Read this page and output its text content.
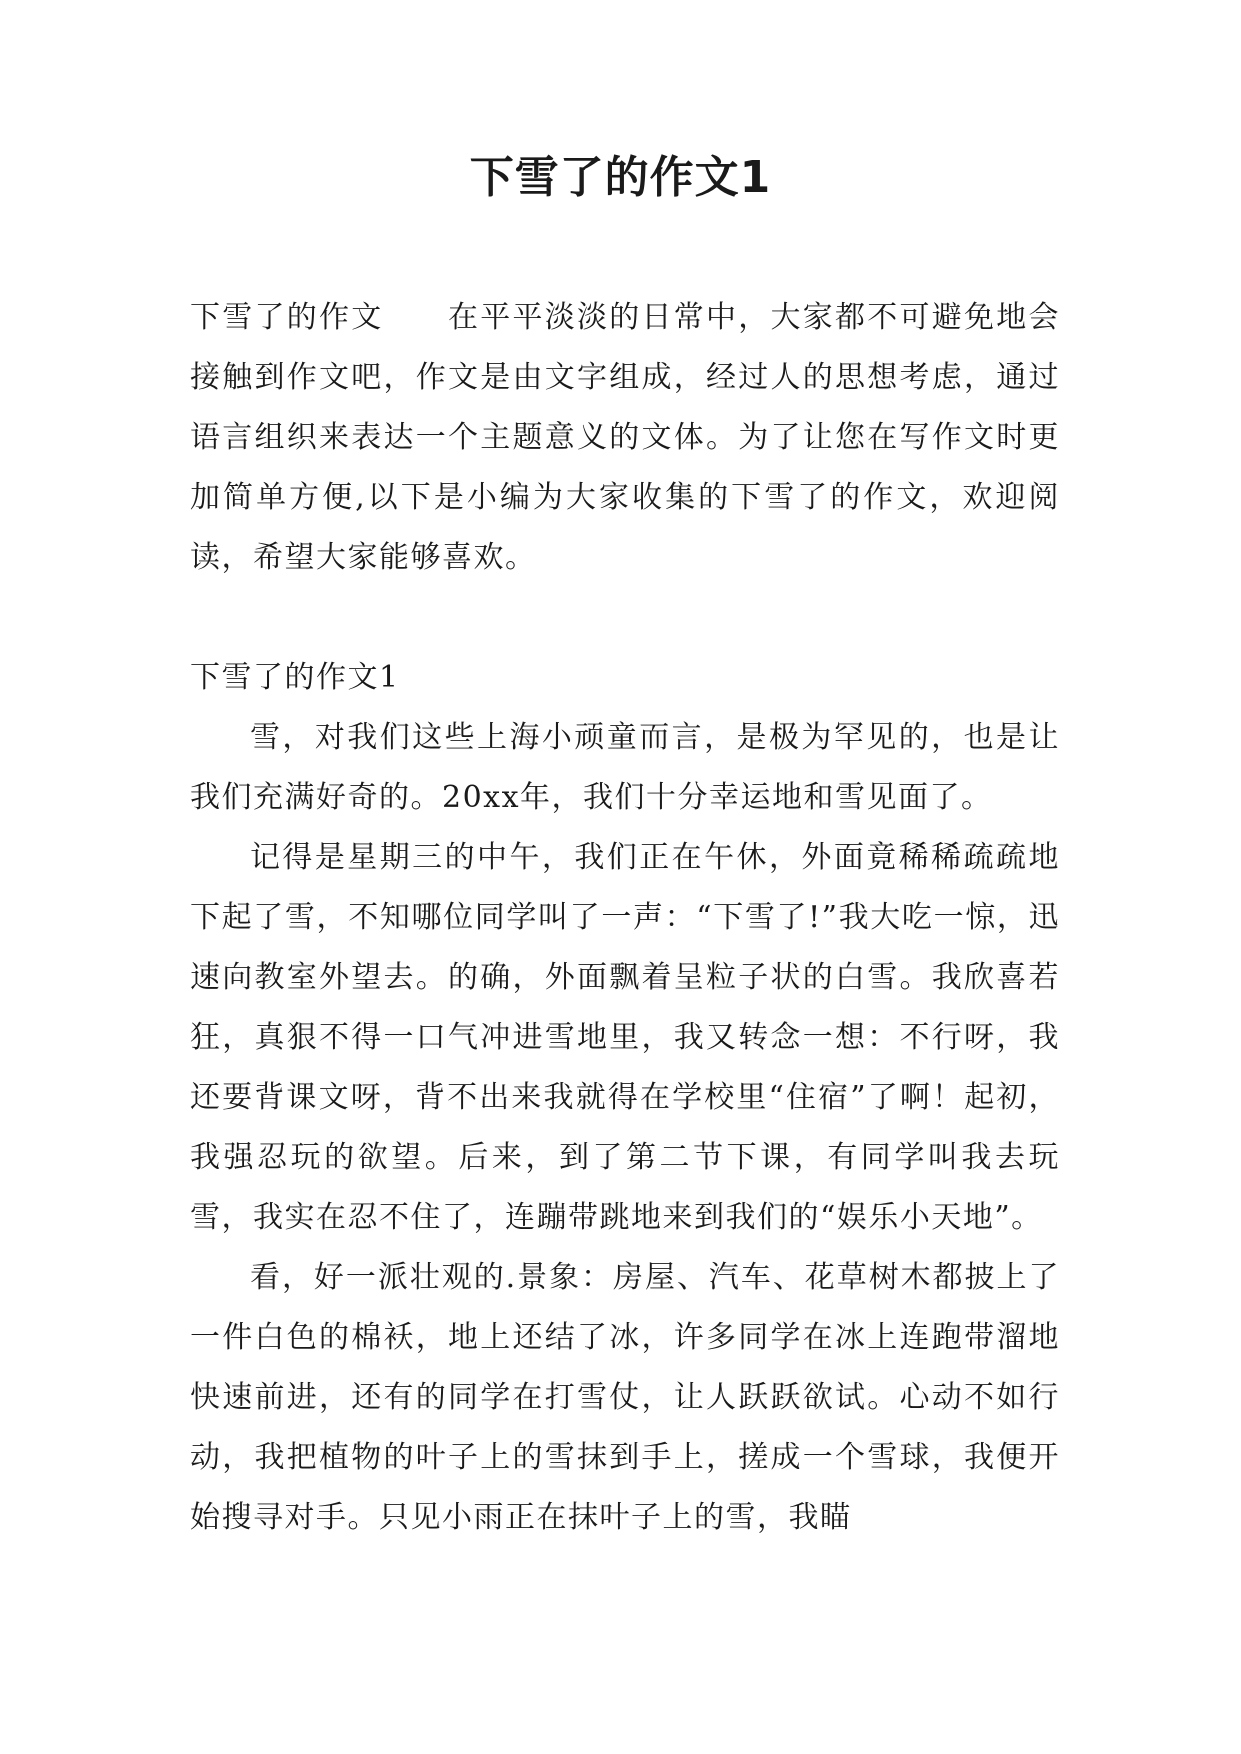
下雪了的作文1

下雪了的作文　　在平平淡淡的日常中，大家都不可避免地会接触到作文吧，作文是由文字组成，经过人的思想考虑，通过语言组织来表达一个主题意义的文体。为了让您在写作文时更加简单方便,以下是小编为大家收集的下雪了的作文，欢迎阅读，希望大家能够喜欢。

下雪了的作文1

雪，对我们这些上海小顽童而言，是极为罕见的，也是让我们充满好奇的。20xx年，我们十分幸运地和雪见面了。

记得是星期三的中午，我们正在午休，外面竟稀稀疏疏地下起了雪，不知哪位同学叫了一声：“下雪了!”我大吃一惊，迅速向教室外望去。的确，外面飘着呈粒子状的白雪。我欣喜若狂，真狠不得一口气冲进雪地里，我又转念一想：不行呀，我还要背课文呀，背不出来我就得在学校里“住宿”了啊！起初，我强忍玩的欲望。后来，到了第二节下课，有同学叫我去玩雪，我实在忍不住了，连蹦带跳地来到我们的“娱乐小天地”。

看，好一派壮观的.景象：房屋、汽车、花草树木都披上了一件白色的棉袄，地上还结了冰，许多同学在冰上连跑带溜地快速前进，还有的同学在打雪仗，让人跃跃欲试。心动不如行动，我把植物的叶子上的雪抹到手上，搓成一个雪球，我便开始搜寻对手。只见小雨正在抹叶子上的雪，我瞄
